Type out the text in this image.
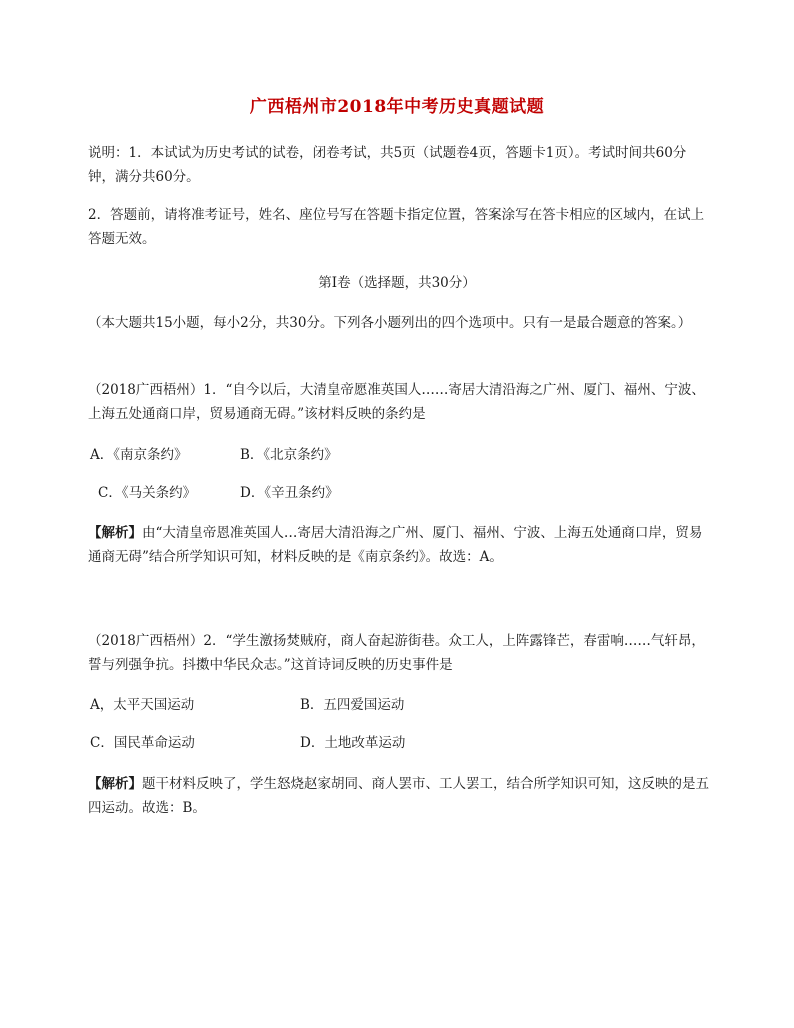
广西梧州市2018年中考历史真题试题

说明：1．本试试为历史考试的试卷，闭卷考试，共5页（试题卷4页，答题卡1页）。考试时间共60分钟，满分共60分。

2．答题前，请将准考证号，姓名、座位号写在答题卡指定位置，答案涂写在答卡相应的区域内，在试上答题无效。

第Ⅰ卷（选择题，共30分）

（本大题共15小题，每小2分，共30分。下列各小题列出的四个选项中。只有一是最合题意的答案。）

（2018广西梧州）1．“自今以后，大清皇帝愿准英国人……寄居大清沿海之广州、厦门、福州、宁波、上海五处通商口岸，贸易通商无碍。”该材料反映的条约是

A．《南京条约》	B．《北京条约》
C．《马关条约》	D．《辛丑条约》

【解析】由“大清皇帝恩准英国人…寄居大清沿海之广州、厦门、福州、宁波、上海五处通商口岸，贸易通商无碍”结合所学知识可知，材料反映的是《南京条约》。故选：A。

（2018广西梧州）2．“学生激扬焚贼府，商人奋起游街巷。众工人，上阵露锋芒，春雷响……气轩昂，誓与列强争抗。抖擞中华民众志。”这首诗词反映的历史事件是

A，太平天国运动	B．五四爱国运动
C．国民革命运动	D．土地改革运动

【解析】题干材料反映了，学生怒烧赵家胡同、商人罢市、工人罢工，结合所学知识可知，这反映的是五四运动。故选：B。
